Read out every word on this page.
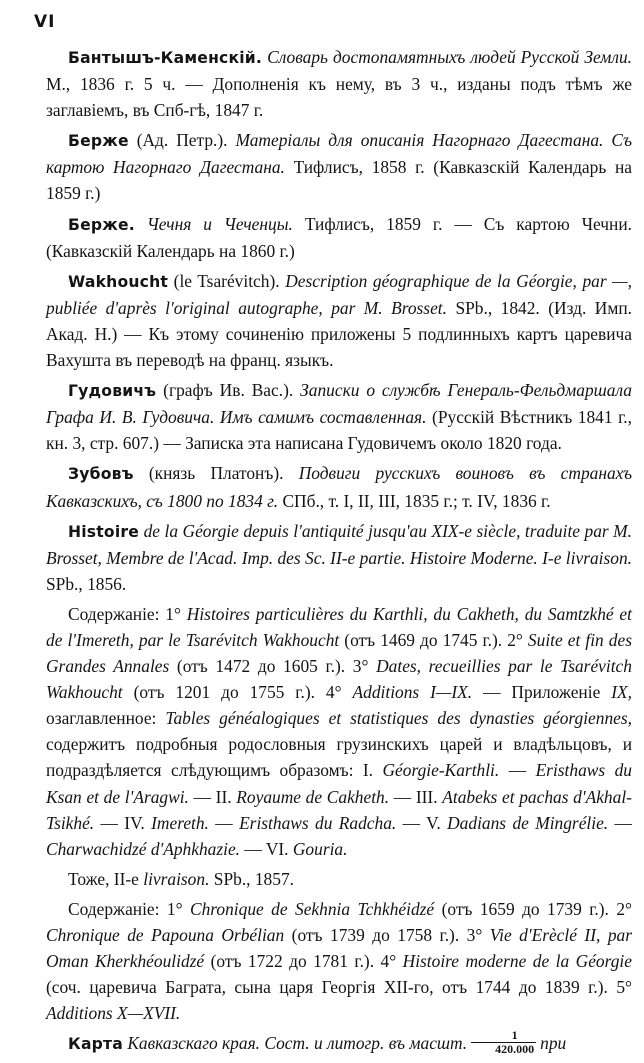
VI

Бантышъ-Каменскій. Словарь достопамятныхъ людей Русской Земли. М., 1836 г. 5 ч. — Дополненія къ нему, въ 3 ч., изданы подъ тѣмъ же заглавіемъ, въ Спб-гѣ, 1847 г.

Берже (Ад. Петр.). Матеріалы для описанія Нагорнаго Дагестана. Съ картою Нагорнаго Дагестана. Тифлисъ, 1858 г. (Кавказскій Календарь на 1859 г.)

Берже. Чечня и Чеченцы. Тифлисъ, 1859 г. — Съ картою Чечни. (Кавказскій Календарь на 1860 г.)

Wakhoucht (le Tsarévitch). Description géographique de la Géorgie, par —, publiée d'après l'original autographe, par M. Brosset. SPb., 1842. (Изд. Имп. Акад. Н.) — Къ этому сочиненію приложены 5 подлинныхъ картъ царевича Вахушта въ переводѣ на франц. языкъ.

Гудовичъ (графъ Ив. Вас.). Записки о службѣ Генераль-Фельдмаршала Графа И. В. Гудовича. Имъ самимъ составленная. (Русскій Вѣстникъ 1841 г., кн. 3, стр. 607.) — Записка эта написана Гудовичемъ около 1820 года.

Зубовъ (князь Платонъ). Подвиги русскихъ воиновъ въ странахъ Кавказскихъ, съ 1800 по 1834 г. СПб., т. I, II, III, 1835 г.; т. IV, 1836 г.

Histoire de la Géorgie depuis l'antiquité jusqu'au XIX-e siècle, traduite par M. Brosset, Membre de l'Acad. Imp. des Sc. II-e partie. Histoire Moderne. I-e livraison. SPb., 1856.

Содержаніе: 1° Histoires particulières du Karthli, du Cakheth, du Samtzkhé et de l'Imereth, par le Tsarévitch Wakhoucht (отъ 1469 до 1745 г.). 2° Suite et fin des Grandes Annales (отъ 1472 до 1605 г.). 3° Dates, recueillies par le Tsarévitch Wakhoucht (отъ 1201 до 1755 г.). 4° Additions I—IX. — Приложеніе IX, озаглавленное: Tables généalogiques et statistiques des dynasties géorgiennes, содержитъ подробныя родословныя грузинскихъ царей и владѣльцовъ, и подраздѣляется слѣдующимъ образомъ: I. Géorgie-Karthli. — Eristhaws du Ksan et de l'Aragwi. — II. Royaume de Cakheth. — III. Atabeks et pachas d'Akhal-Tsikhé. — IV. Imereth. — Eristhaws du Radcha. — V. Dadians de Mingrélie. — Charwachidzé d'Aphkhazie. — VI. Gouria.

Тоже, II-e livraison. SPb., 1857.

Содержаніе: 1° Chronique de Sekhnia Tchkhéidzé (отъ 1659 до 1739 г.). 2° Chronique de Papouna Orbélian (отъ 1739 до 1758 г.). 3° Vie d'Erèclé II, par Oman Kherkhéoulidzé (отъ 1722 до 1781 г.). 4° Histoire moderne de la Géorgie (соч. царевича Баграта, сына царя Георгія XII-го, отъ 1744 до 1839 г.). 5° Additions X—XVII.

Карта Кавказскаго края. Сост. и литогр. въ масшт. $\frac{1}{420.000}$ при
